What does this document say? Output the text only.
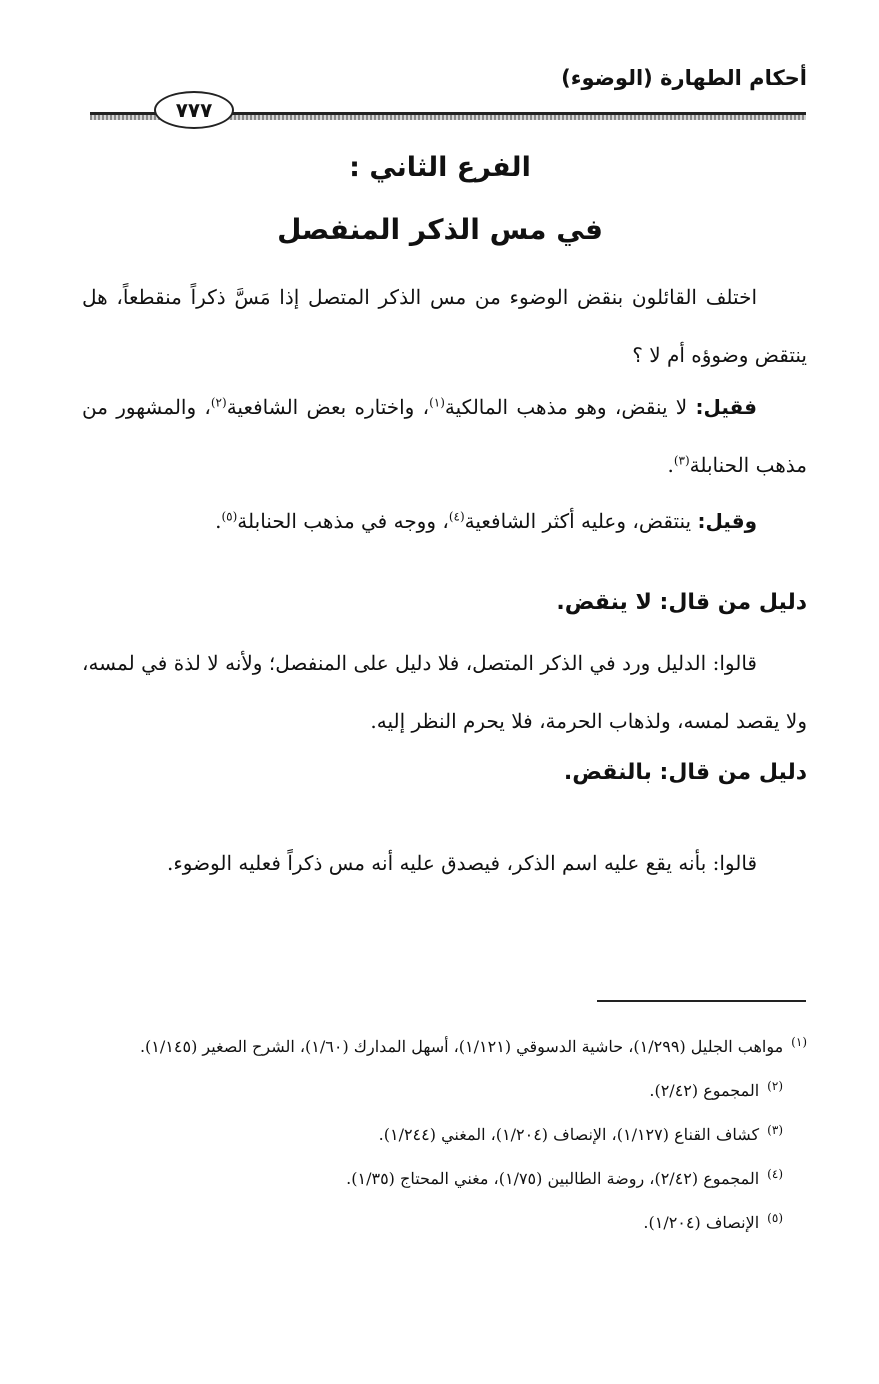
أحكام الطهارة (الوضوء)
٧٧٧
الفرع الثاني :
في مس الذكر المنفصل

اختلف القائلون بنقض الوضوء من مس الذكر المتصل إذا مَسَّ ذكراً منقطعاً، هل ينتقض وضوؤه أم لا ؟

فقيل: لا ينقض، وهو مذهب المالكية$^{(١)}$، واختاره بعض الشافعية$^{(٢)}$، والمشهور من مذهب الحنابلة$^{(٣)}$.

وقيل: ينتقض، وعليه أكثر الشافعية$^{(٤)}$، ووجه في مذهب الحنابلة$^{(٥)}$.

دليل من قال: لا ينقض.

قالوا: الدليل ورد في الذكر المتصل، فلا دليل على المنفصل؛ ولأنه لا لذة في لمسه، ولا يقصد لمسه، ولذهاب الحرمة، فلا يحرم النظر إليه.

دليل من قال: بالنقض.

قالوا: بأنه يقع عليه اسم الذكر، فيصدق عليه أنه مس ذكراً فعليه الوضوء.

$^{(١)}$مواهب الجليل (١/٢٩٩)، حاشية الدسوقي (١/١٢١)، أسهل المدارك (١/٦٠)، الشرح الصغير (١/١٤٥).

$^{(٢)}$المجموع (٢/٤٢).

$^{(٣)}$كشاف القناع (١/١٢٧)، الإنصاف (١/٢٠٤)، المغني (١/٢٤٤).

$^{(٤)}$المجموع (٢/٤٢)، روضة الطالبين (١/٧٥)، مغني المحتاج (١/٣٥).

$^{(٥)}$الإنصاف (١/٢٠٤).
